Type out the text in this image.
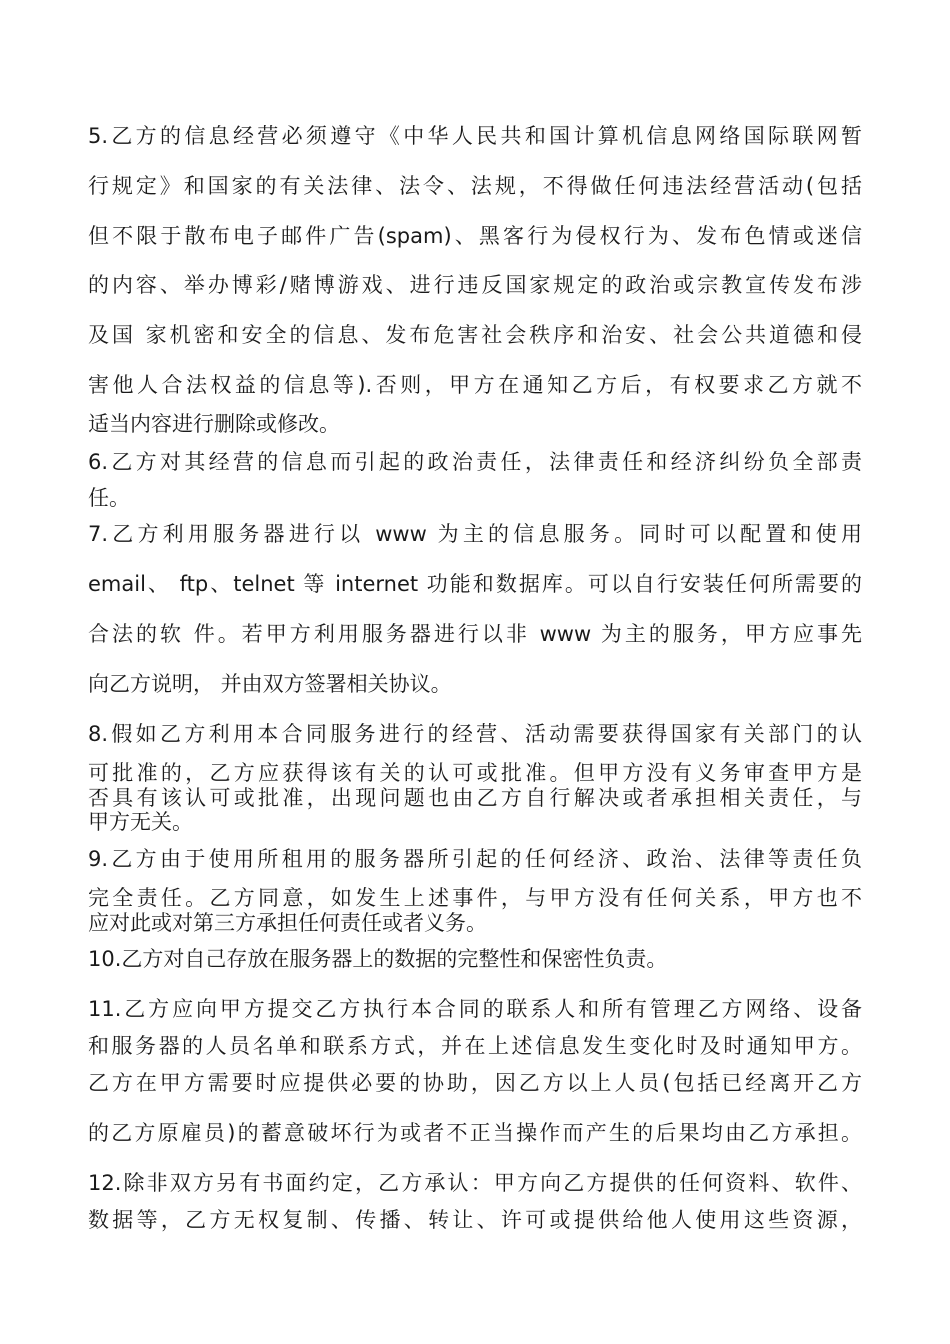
5.乙方的信息经营必须遵守《中华人民共和国计算机信息网络国际联网暂

行规定》和国家的有关法律、法令、法规，不得做任何违法经营活动(包括

但不限于散布电子邮件广告(spam)、黑客行为侵权行为、发布色情或迷信

的内容、举办博彩/赌博游戏、进行违反国家规定的政治或宗教宣传发布涉

及国 家机密和安全的信息、发布危害社会秩序和治安、社会公共道德和侵

害他人合法权益的信息等).否则，甲方在通知乙方后，有权要求乙方就不

适当内容进行删除或修改。

6.乙方对其经营的信息而引起的政治责任，法律责任和经济纠纷负全部责

任。

7.乙方利用服务器进行以 www 为主的信息服务。同时可以配置和使用

email、 ftp、telnet 等 internet 功能和数据库。可以自行安装任何所需要的

合法的软 件。若甲方利用服务器进行以非 www 为主的服务，甲方应事先

向乙方说明， 并由双方签署相关协议。

8.假如乙方利用本合同服务进行的经营、活动需要获得国家有关部门的认

可批准的，乙方应获得该有关的认可或批准。但甲方没有义务审查甲方是

否具有该认可或批准，出现问题也由乙方自行解决或者承担相关责任，与

甲方无关。

9.乙方由于使用所租用的服务器所引起的任何经济、政治、法律等责任负

完全责任。乙方同意，如发生上述事件，与甲方没有任何关系，甲方也不

应对此或对第三方承担任何责任或者义务。

10.乙方对自己存放在服务器上的数据的完整性和保密性负责。

11.乙方应向甲方提交乙方执行本合同的联系人和所有管理乙方网络、设备

和服务器的人员名单和联系方式，并在上述信息发生变化时及时通知甲方。

乙方在甲方需要时应提供必要的协助，因乙方以上人员(包括已经离开乙方

的乙方原雇员)的蓄意破坏行为或者不正当操作而产生的后果均由乙方承担。

12.除非双方另有书面约定，乙方承认：甲方向乙方提供的任何资料、软件、

数据等，乙方无权复制、传播、转让、许可或提供给他人使用这些资源，
